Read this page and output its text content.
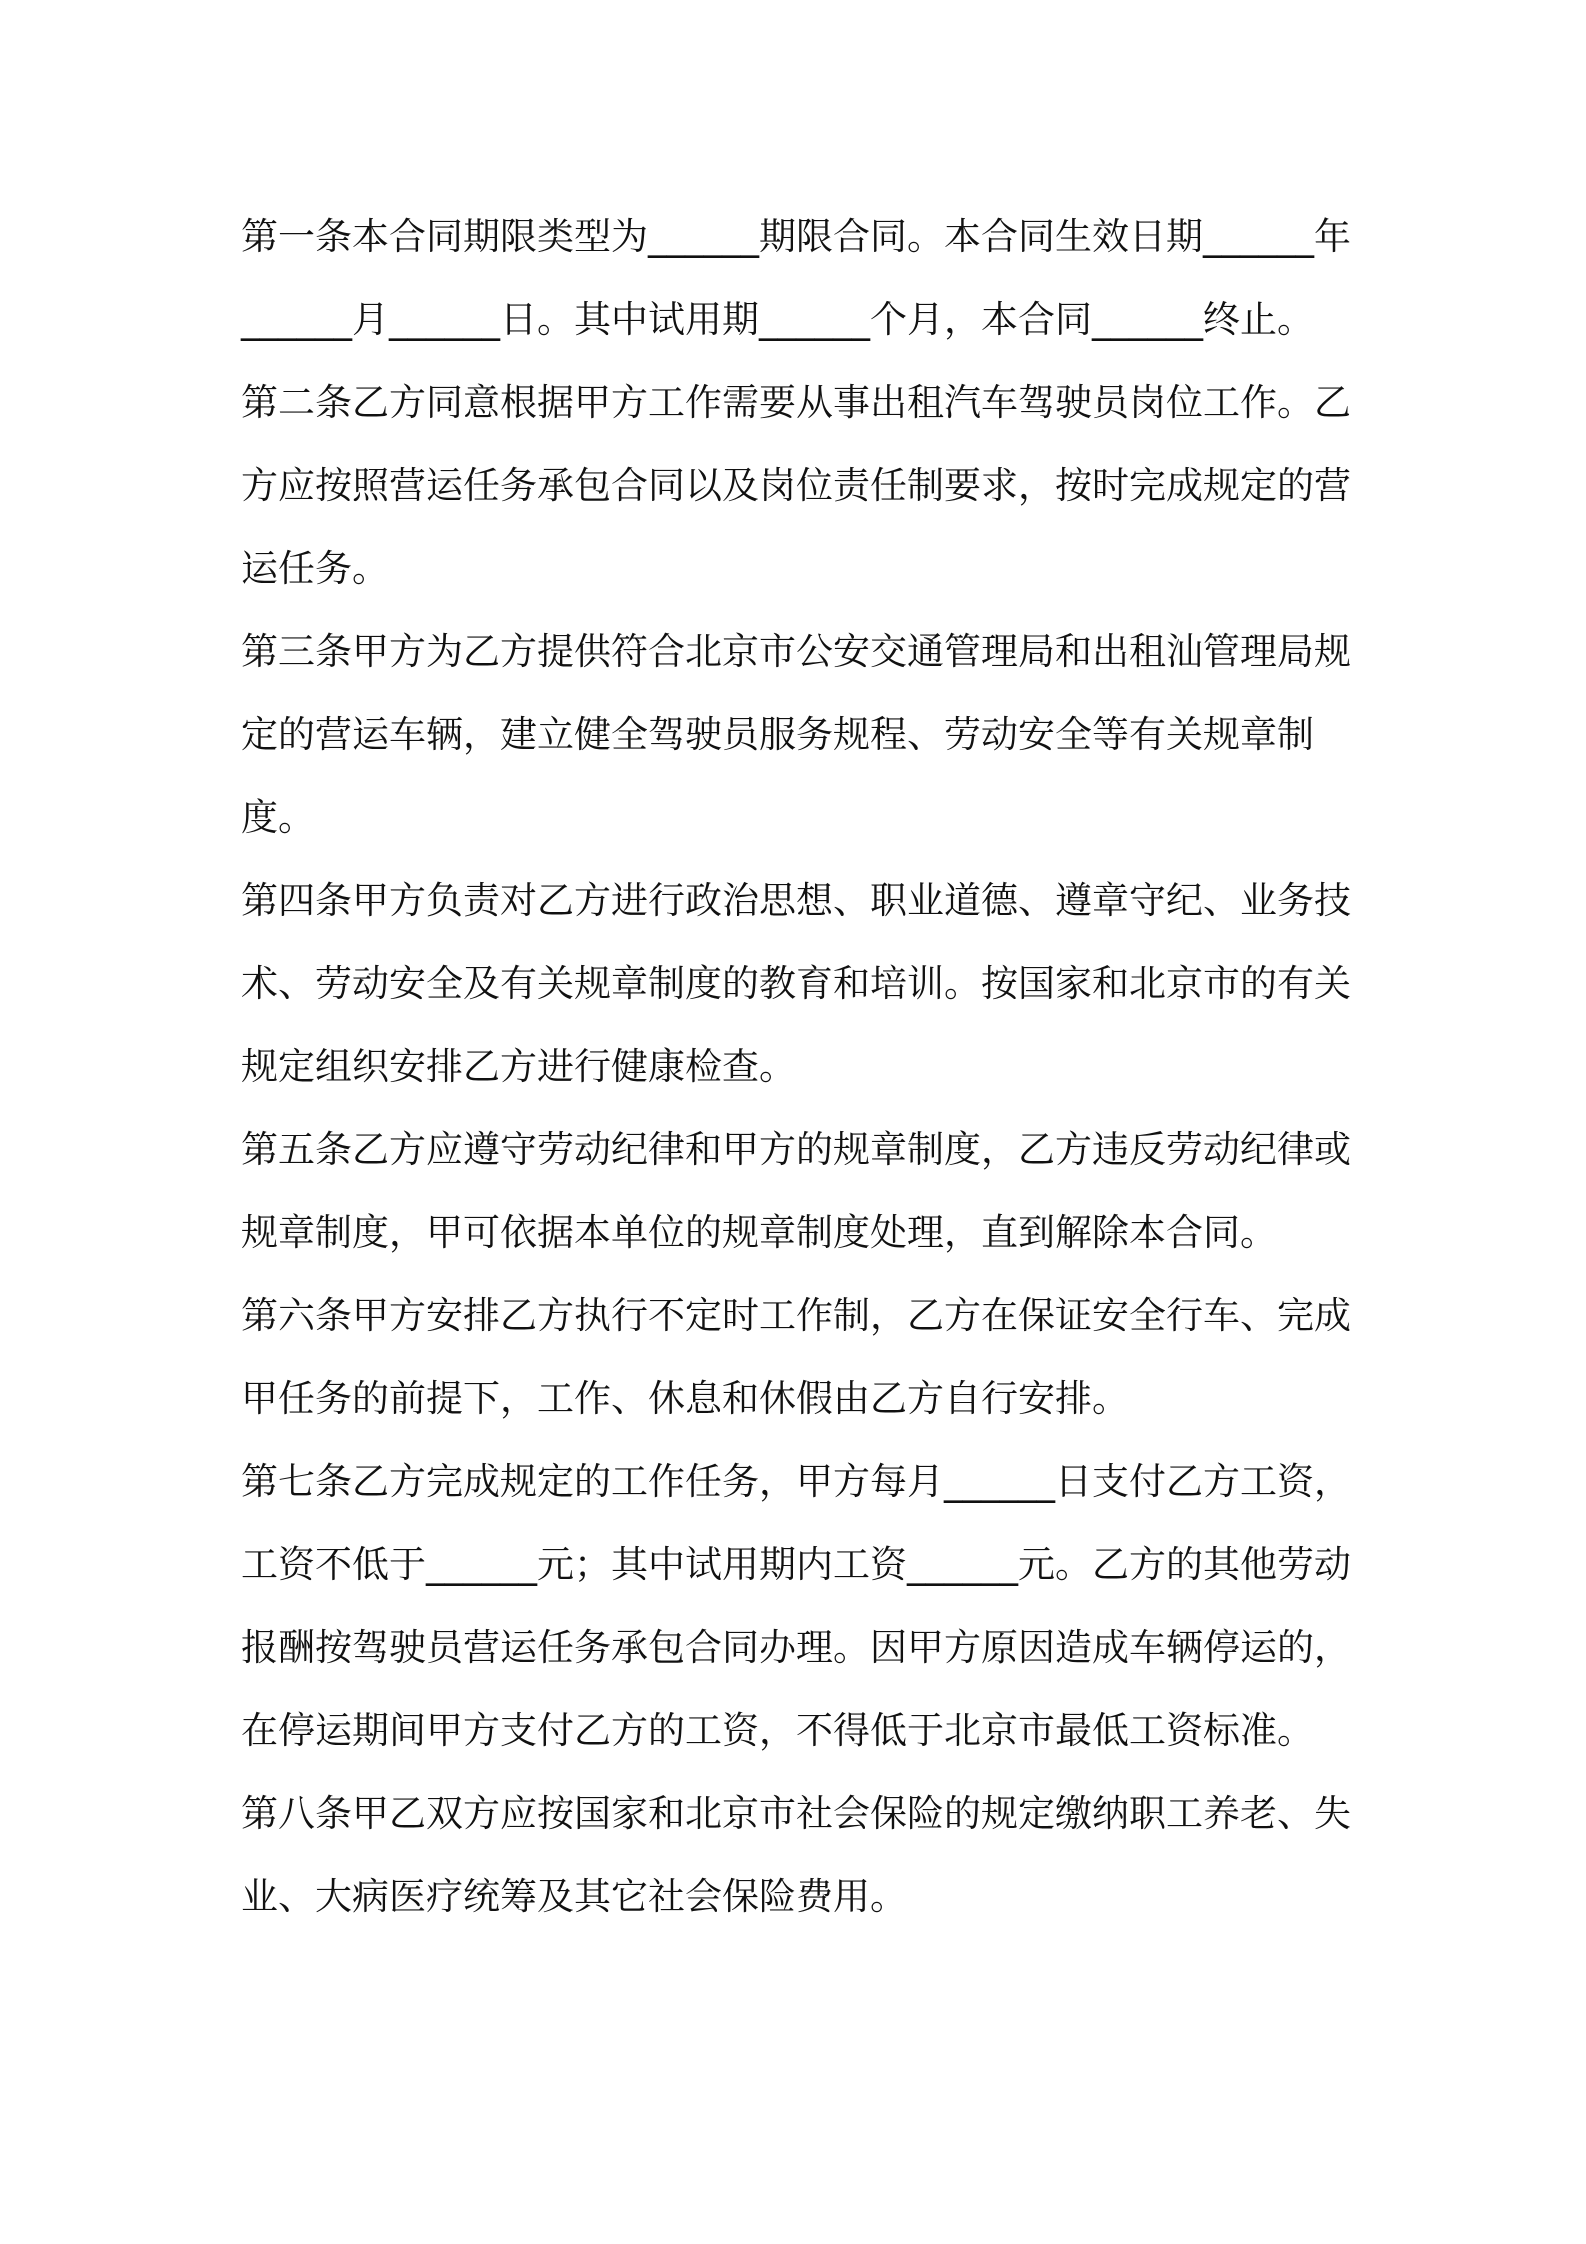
第一条本合同期限类型为______期限合同。本合同生效日期______年______月______日。其中试用期______个月，本合同______终止。

第二条乙方同意根据甲方工作需要从事出租汽车驾驶员岗位工作。乙方应按照营运任务承包合同以及岗位责任制要求，按时完成规定的营运任务。

第三条甲方为乙方提供符合北京市公安交通管理局和出租汕管理局规定的营运车辆，建立健全驾驶员服务规程、劳动安全等有关规章制度。

第四条甲方负责对乙方进行政治思想、职业道德、遵章守纪、业务技术、劳动安全及有关规章制度的教育和培训。按国家和北京市的有关规定组织安排乙方进行健康检查。

第五条乙方应遵守劳动纪律和甲方的规章制度，乙方违反劳动纪律或规章制度，甲可依据本单位的规章制度处理，直到解除本合同。

第六条甲方安排乙方执行不定时工作制，乙方在保证安全行车、完成甲任务的前提下，工作、休息和休假由乙方自行安排。

第七条乙方完成规定的工作任务，甲方每月______日支付乙方工资，工资不低于______元；其中试用期内工资______元。乙方的其他劳动报酬按驾驶员营运任务承包合同办理。因甲方原因造成车辆停运的，在停运期间甲方支付乙方的工资，不得低于北京市最低工资标准。

第八条甲乙双方应按国家和北京市社会保险的规定缴纳职工养老、失业、大病医疗统筹及其它社会保险费用。
